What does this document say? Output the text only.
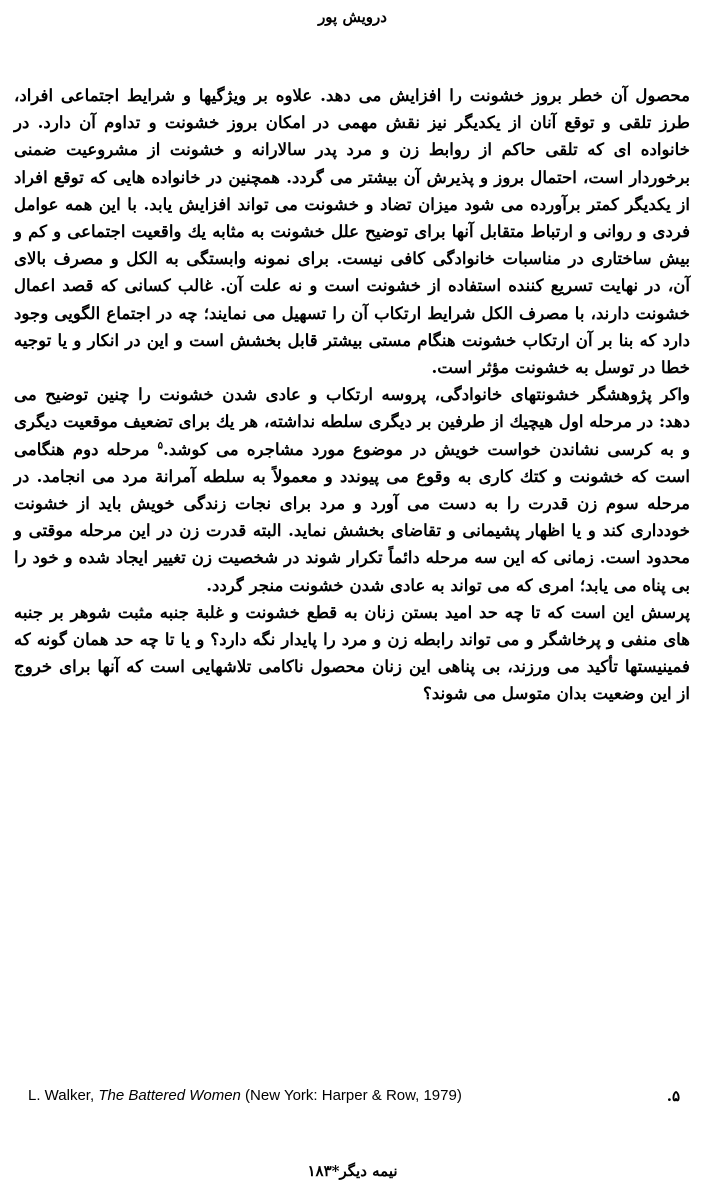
درویش پور

محصول آن خطر بروز خشونت را افزایش می دهد. علاوه بر ویژگیها و شرایط اجتماعی افراد، طرز تلقی و توقع آنان از یکدیگر نیز نقش مهمی در امکان بروز خشونت و تداوم آن دارد. در خانواده ای که تلقی حاکم از روابط زن و مرد پدر سالارانه و خشونت از مشروعیت ضمنی برخوردار است، احتمال بروز و پذیرش آن بیشتر می گردد. همچنین در خانواده هایی که توقع افراد از یکدیگر کمتر برآورده می شود میزان تضاد و خشونت می تواند افزایش یابد. با این همه عوامل فردی و روانی و ارتباط متقابل آنها برای توضیح علل خشونت به مثابه یك واقعیت اجتماعی و کم و بیش ساختاری در مناسبات خانوادگی کافی نیست. برای نمونه وابستگی به الکل و مصرف بالای آن، در نهایت تسریع کننده استفاده از خشونت است و نه علت آن. غالب کسانی که قصد اعمال خشونت دارند، با مصرف الکل شرایط ارتکاب آن را تسهیل می نمایند؛ چه در اجتماع الگویی وجود دارد که بنا بر آن ارتکاب خشونت هنگام مستی بیشتر قابل بخشش است و این در انکار و یا توجیه خطا در توسل به خشونت مؤثر است.

واکر پژوهشگر خشونتهای خانوادگی، پروسه ارتکاب و عادی شدن خشونت را چنین توضیح می دهد: در مرحله اول هیچیك از طرفین بر دیگری سلطه نداشته، هر یك برای تضعیف موقعیت دیگری و به کرسی نشاندن خواست خویش در موضوع مورد مشاجره می کوشد.$^۵$ مرحله دوم هنگامی است که خشونت و کتك کاری به وقوع می پیوندد و معمولاً به سلطه آمرانة مرد می انجامد. در مرحله سوم زن قدرت را به دست می آورد و مرد برای نجات زندگی خویش باید از خشونت خودداری کند و یا اظهار پشیمانی و تقاضای بخشش نماید. البته قدرت زن در این مرحله موقتی و محدود است. زمانی که این سه مرحله دائماً تکرار شوند در شخصیت زن تغییر ایجاد شده و خود را بی پناه می یابد؛ امری که می تواند به عادی شدن خشونت منجر گردد.

پرسش این است که تا چه حد امید بستن زنان به قطع خشونت و غلبة جنبه مثبت شوهر بر جنبه های منفی و پرخاشگر و می تواند رابطه زن و مرد را پایدار نگه دارد؟ و یا تا چه حد همان گونه که فمینیستها تأکید می ورزند، بی پناهی این زنان محصول ناکامی تلاشهایی است که آنها برای خروج از این وضعیت بدان متوسل می شوند؟

L. Walker, The Battered Women (New York: Harper & Row, 1979)	.۵
نیمه دیگر*۱۸۳
